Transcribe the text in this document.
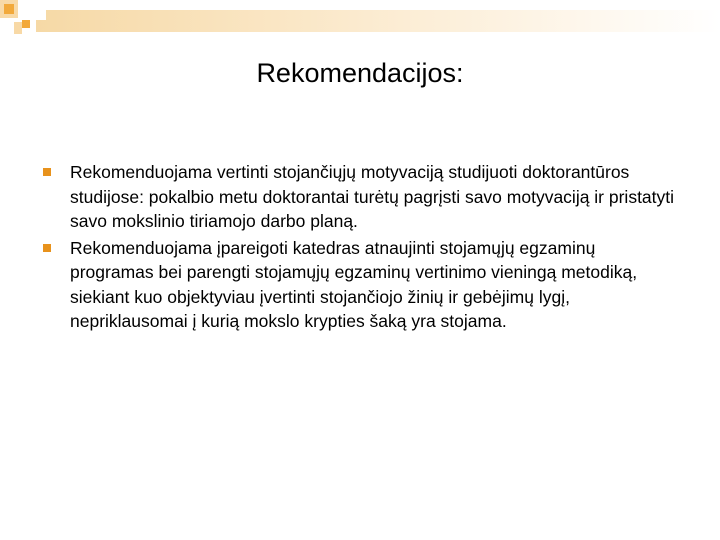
Rekomendacijos:
Rekomenduojama vertinti stojančiųjų motyvaciją studijuoti doktorantūros studijose: pokalbio metu doktorantai turėtų pagrįsti savo motyvaciją ir pristatyti savo mokslinio tiriamojo darbo planą.
Rekomenduojama įpareigoti katedras atnaujinti stojamųjų egzaminų programas bei parengti stojamųjų egzaminų vertinimo vieningą metodiką, siekiant kuo objektyviau įvertinti stojančiojo žinių ir gebėjimų lygį, nepriklausomai į kurią mokslo krypties šaką yra stojama.
